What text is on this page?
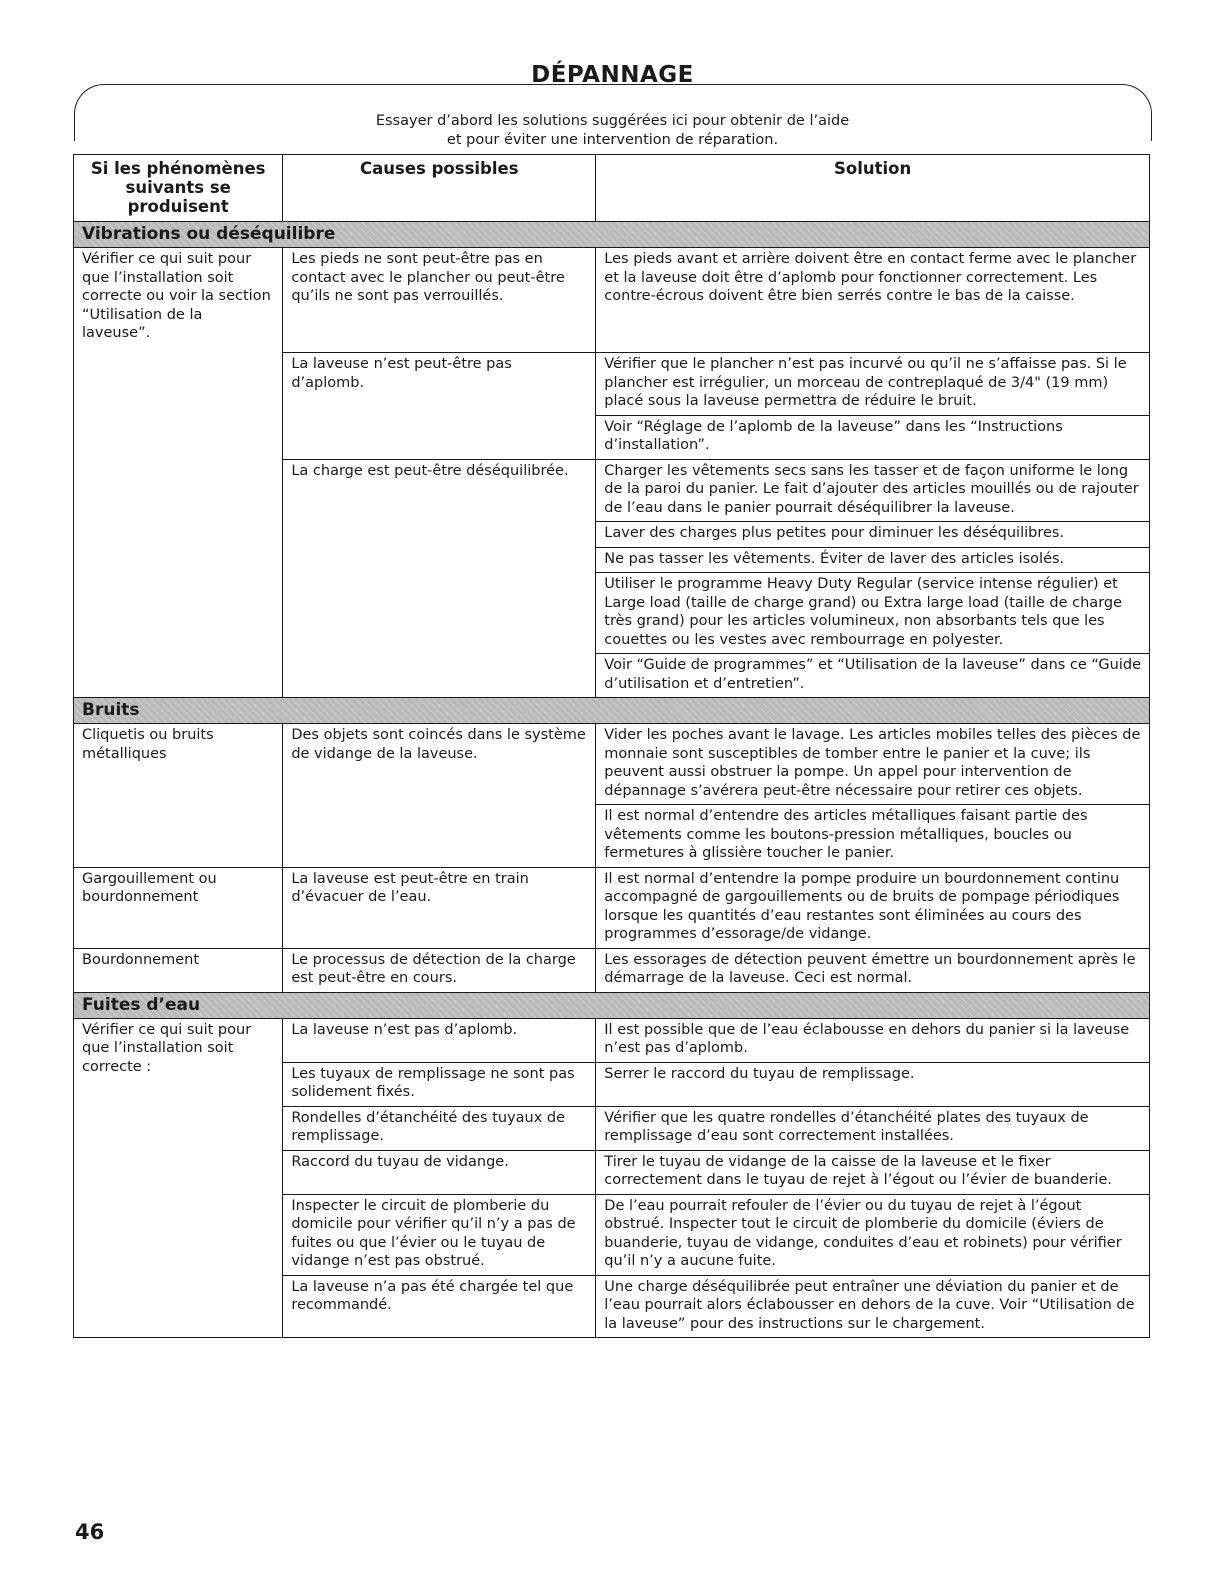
DÉPANNAGE
Essayer d’abord les solutions suggérées ici pour obtenir de l’aide
et pour éviter une intervention de réparation.
Si les phénomènes suivants se produisent	Causes possibles	Solution
Vibrations ou déséquilibre		
Vérifier ce qui suit pour que l’installation soit correcte ou voir la section “Utilisation de la laveuse”.	Les pieds ne sont peut-être pas en contact avec le plancher ou peut-être qu’ils ne sont pas verrouillés.	Les pieds avant et arrière doivent être en contact ferme avec le plancher et la laveuse doit être d’aplomb pour fonctionner correctement. Les contre-écrous doivent être bien serrés contre le bas de la caisse.
	La laveuse n’est peut-être pas d’aplomb.	Vérifier que le plancher n’est pas incurvé ou qu’il ne s’affaisse pas. Si le plancher est irrégulier, un morceau de contreplaqué de 3/4" (19 mm) placé sous la laveuse permettra de réduire le bruit.
		Voir “Réglage de l’aplomb de la laveuse” dans les “Instructions d’installation”.
	La charge est peut-être déséquilibrée.	Charger les vêtements secs sans les tasser et de façon uniforme le long de la paroi du panier. Le fait d’ajouter des articles mouillés ou de rajouter de l’eau dans le panier pourrait déséquilibrer la laveuse.
		Laver des charges plus petites pour diminuer les déséquilibres.
		Ne pas tasser les vêtements. Éviter de laver des articles isolés.
		Utiliser le programme Heavy Duty Regular (service intense régulier) et Large load (taille de charge grand) ou Extra large load (taille de charge très grand) pour les articles volumineux, non absorbants tels que les couettes ou les vestes avec rembourrage en polyester.
		Voir “Guide de programmes” et “Utilisation de la laveuse” dans ce “Guide d’utilisation et d’entretien”.
Bruits		
Cliquetis ou bruits métalliques	Des objets sont coincés dans le système de vidange de la laveuse.	Vider les poches avant le lavage. Les articles mobiles telles des pièces de monnaie sont susceptibles de tomber entre le panier et la cuve; ils peuvent aussi obstruer la pompe. Un appel pour intervention de dépannage s’avérera peut-être nécessaire pour retirer ces objets.
		Il est normal d’entendre des articles métalliques faisant partie des vêtements comme les boutons-pression métalliques, boucles ou fermetures à glissière toucher le panier.
Gargouillement ou bourdonnement	La laveuse est peut-être en train d’évacuer de l’eau.	Il est normal d’entendre la pompe produire un bourdonnement continu accompagné de gargouillements ou de bruits de pompage périodiques lorsque les quantités d’eau restantes sont éliminées au cours des programmes d’essorage/de vidange.
Bourdonnement	Le processus de détection de la charge est peut-être en cours.	Les essorages de détection peuvent émettre un bourdonnement après le démarrage de la laveuse. Ceci est normal.
Fuites d’eau		
Vérifier ce qui suit pour que l’installation soit correcte :	La laveuse n’est pas d’aplomb.	Il est possible que de l’eau éclabousse en dehors du panier si la laveuse n’est pas d’aplomb.
	Les tuyaux de remplissage ne sont pas solidement fixés.	Serrer le raccord du tuyau de remplissage.
	Rondelles d’étanchéité des tuyaux de remplissage.	Vérifier que les quatre rondelles d’étanchéité plates des tuyaux de remplissage d’eau sont correctement installées.
	Raccord du tuyau de vidange.	Tirer le tuyau de vidange de la caisse de la laveuse et le fixer correctement dans le tuyau de rejet à l’égout ou l’évier de buanderie.
	Inspecter le circuit de plomberie du domicile pour vérifier qu’il n’y a pas de fuites ou que l’évier ou le tuyau de vidange n’est pas obstrué.	De l’eau pourrait refouler de l’évier ou du tuyau de rejet à l’égout obstrué. Inspecter tout le circuit de plomberie du domicile (éviers de buanderie, tuyau de vidange, conduites d’eau et robinets) pour vérifier qu’il n’y a aucune fuite.
	La laveuse n’a pas été chargée tel que recommandé.	Une charge déséquilibrée peut entraîner une déviation du panier et de l’eau pourrait alors éclabousser en dehors de la cuve. Voir “Utilisation de la laveuse” pour des instructions sur le chargement.
46
